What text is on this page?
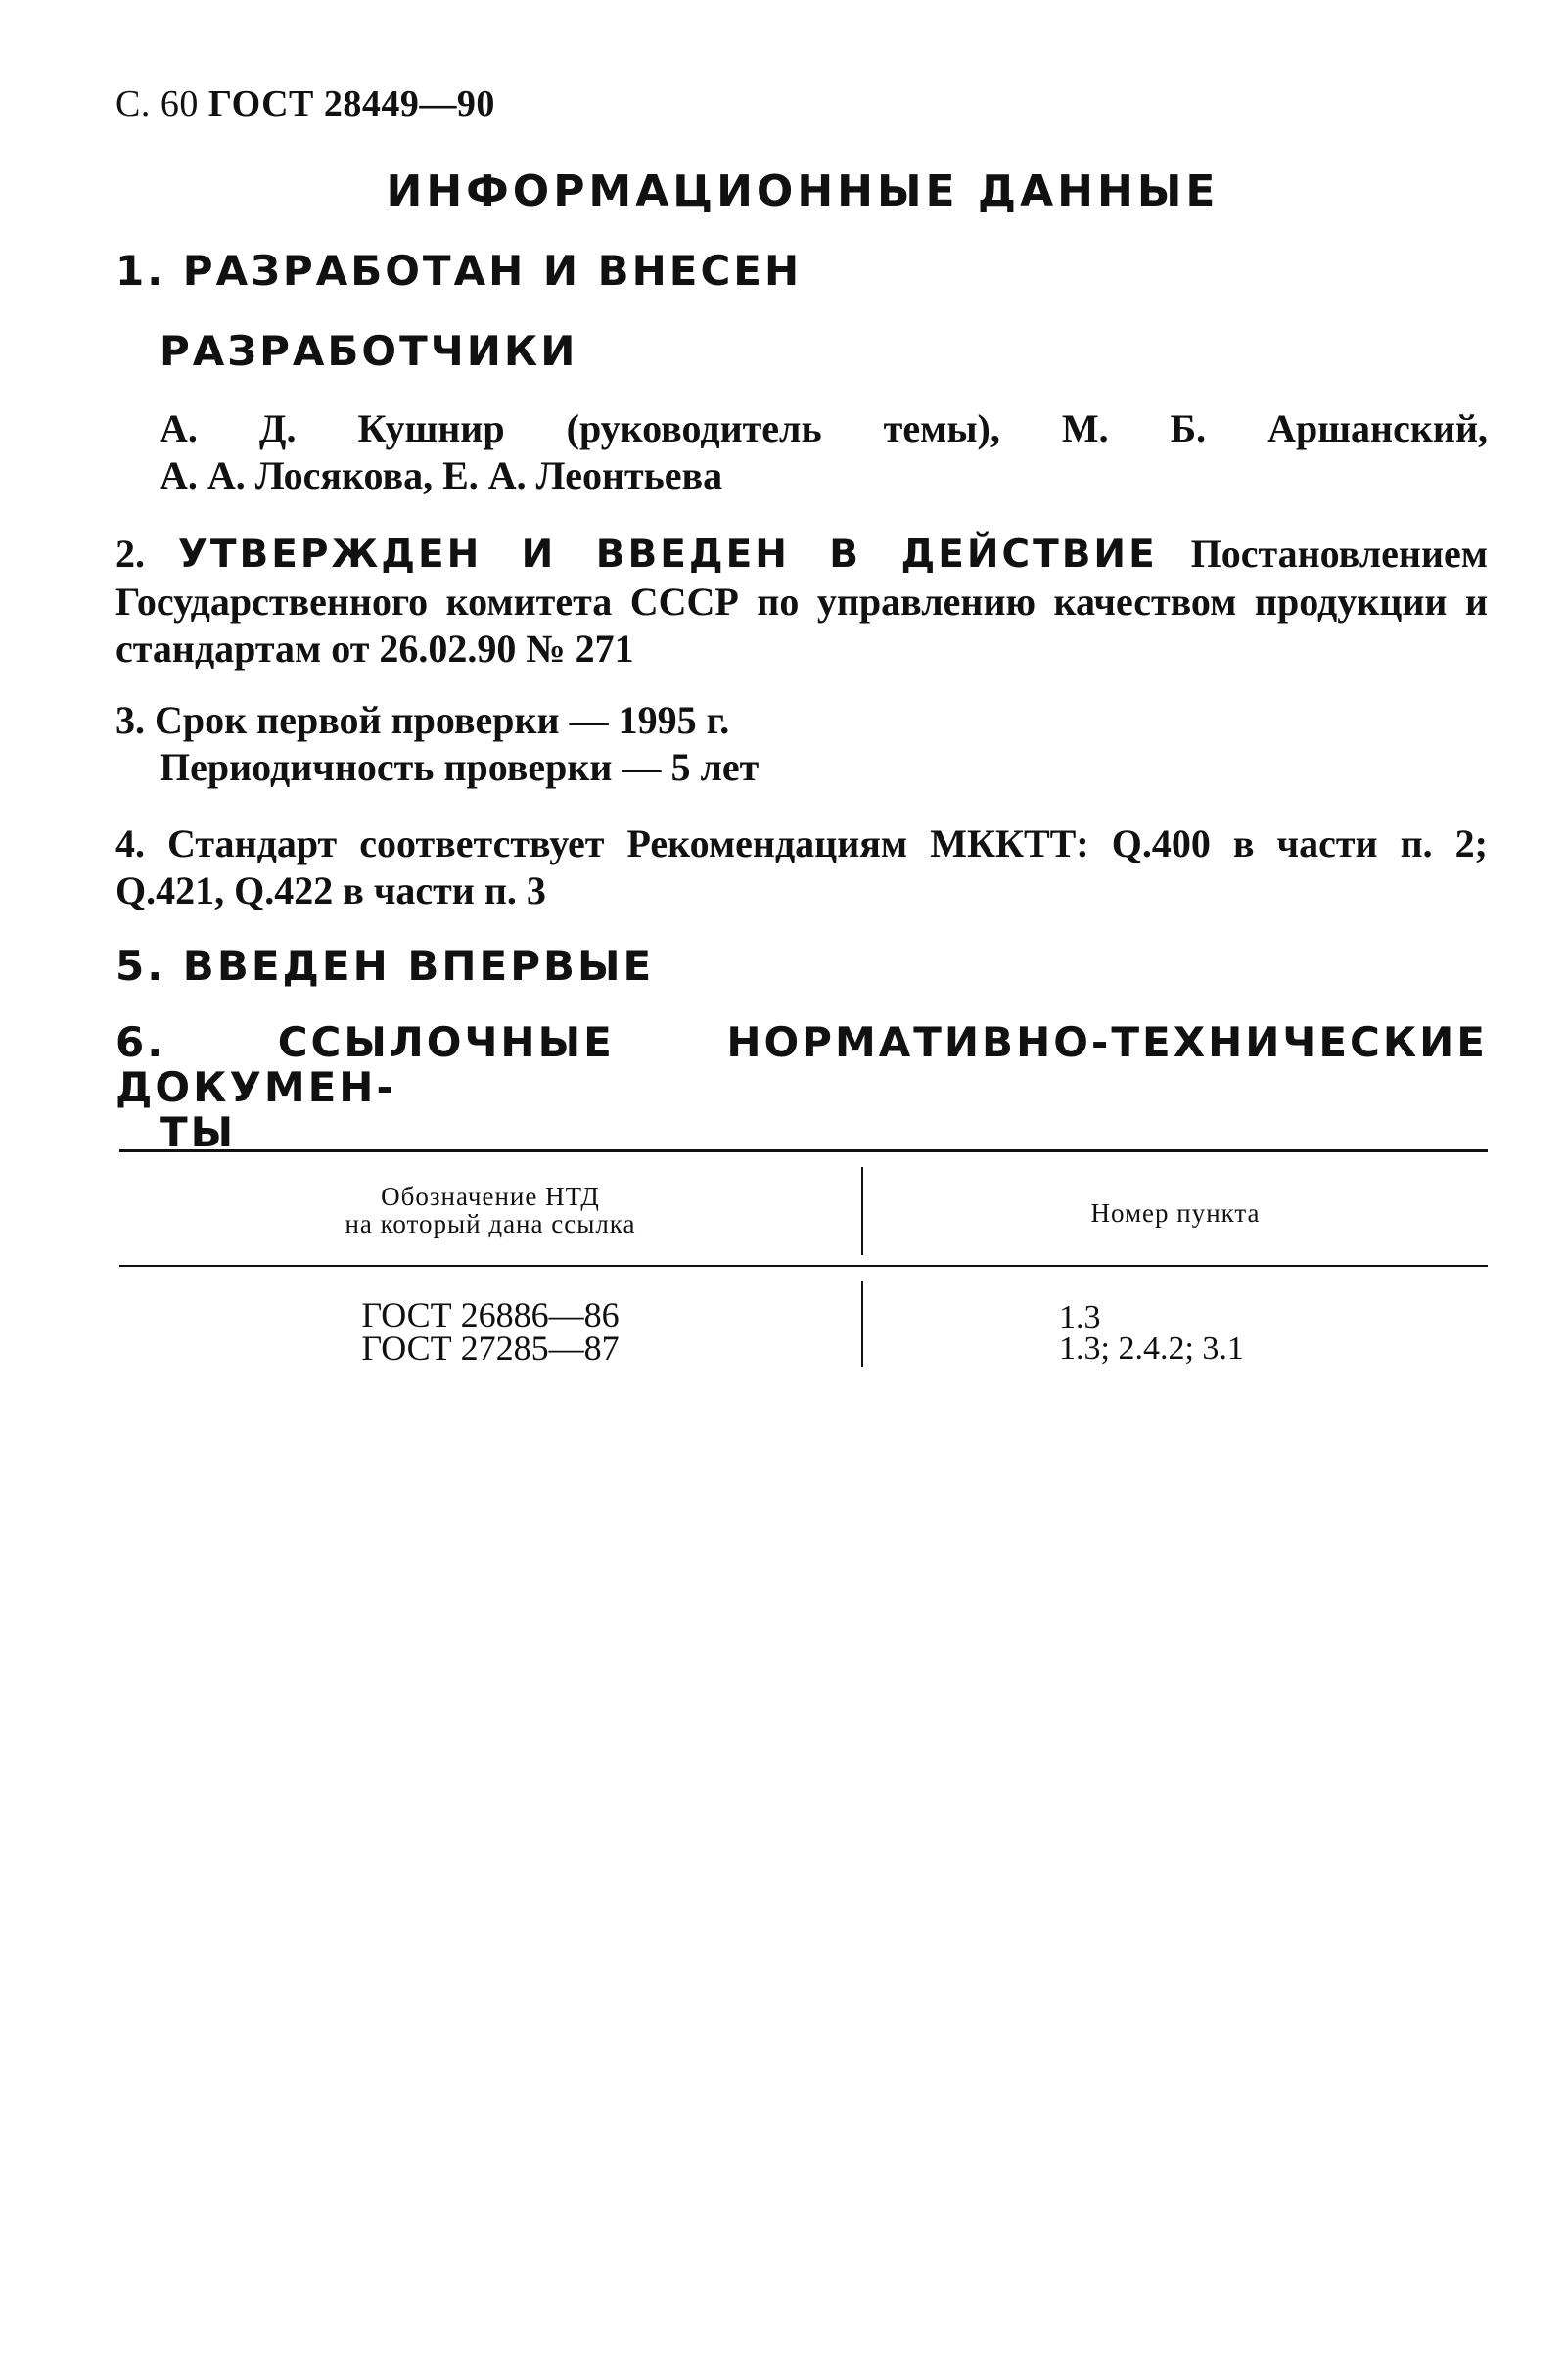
С. 60 ГОСТ 28449—90
ИНФОРМАЦИОННЫЕ ДАННЫЕ
1. РАЗРАБОТАН И ВНЕСЕН
РАЗРАБОТЧИКИ
А. Д. Кушнир (руководитель темы), М. Б. Аршанский,
А. А. Лосякова, Е. А. Леонтьева
2. УТВЕРЖДЕН И ВВЕДЕН В ДЕЙСТВИЕ Постановлением Государственного комитета СССР по управлению качеством продукции и стандартам от 26.02.90 № 271
3. Срок первой проверки — 1995 г.
Периодичность проверки — 5 лет
4. Стандарт соответствует Рекомендациям МККТТ: Q.400 в части п. 2; Q.421, Q.422 в части п. 3
5. ВВЕДЕН ВПЕРВЫЕ
6. ССЫЛОЧНЫЕ НОРМАТИВНО-ТЕХНИЧЕСКИЕ ДОКУМЕН-
ТЫ
Обозначение НТД
на который дана ссылка	Номер пункта
ГОСТ 26886—86
ГОСТ 27285—87
1.3
1.3; 2.4.2; 3.1
